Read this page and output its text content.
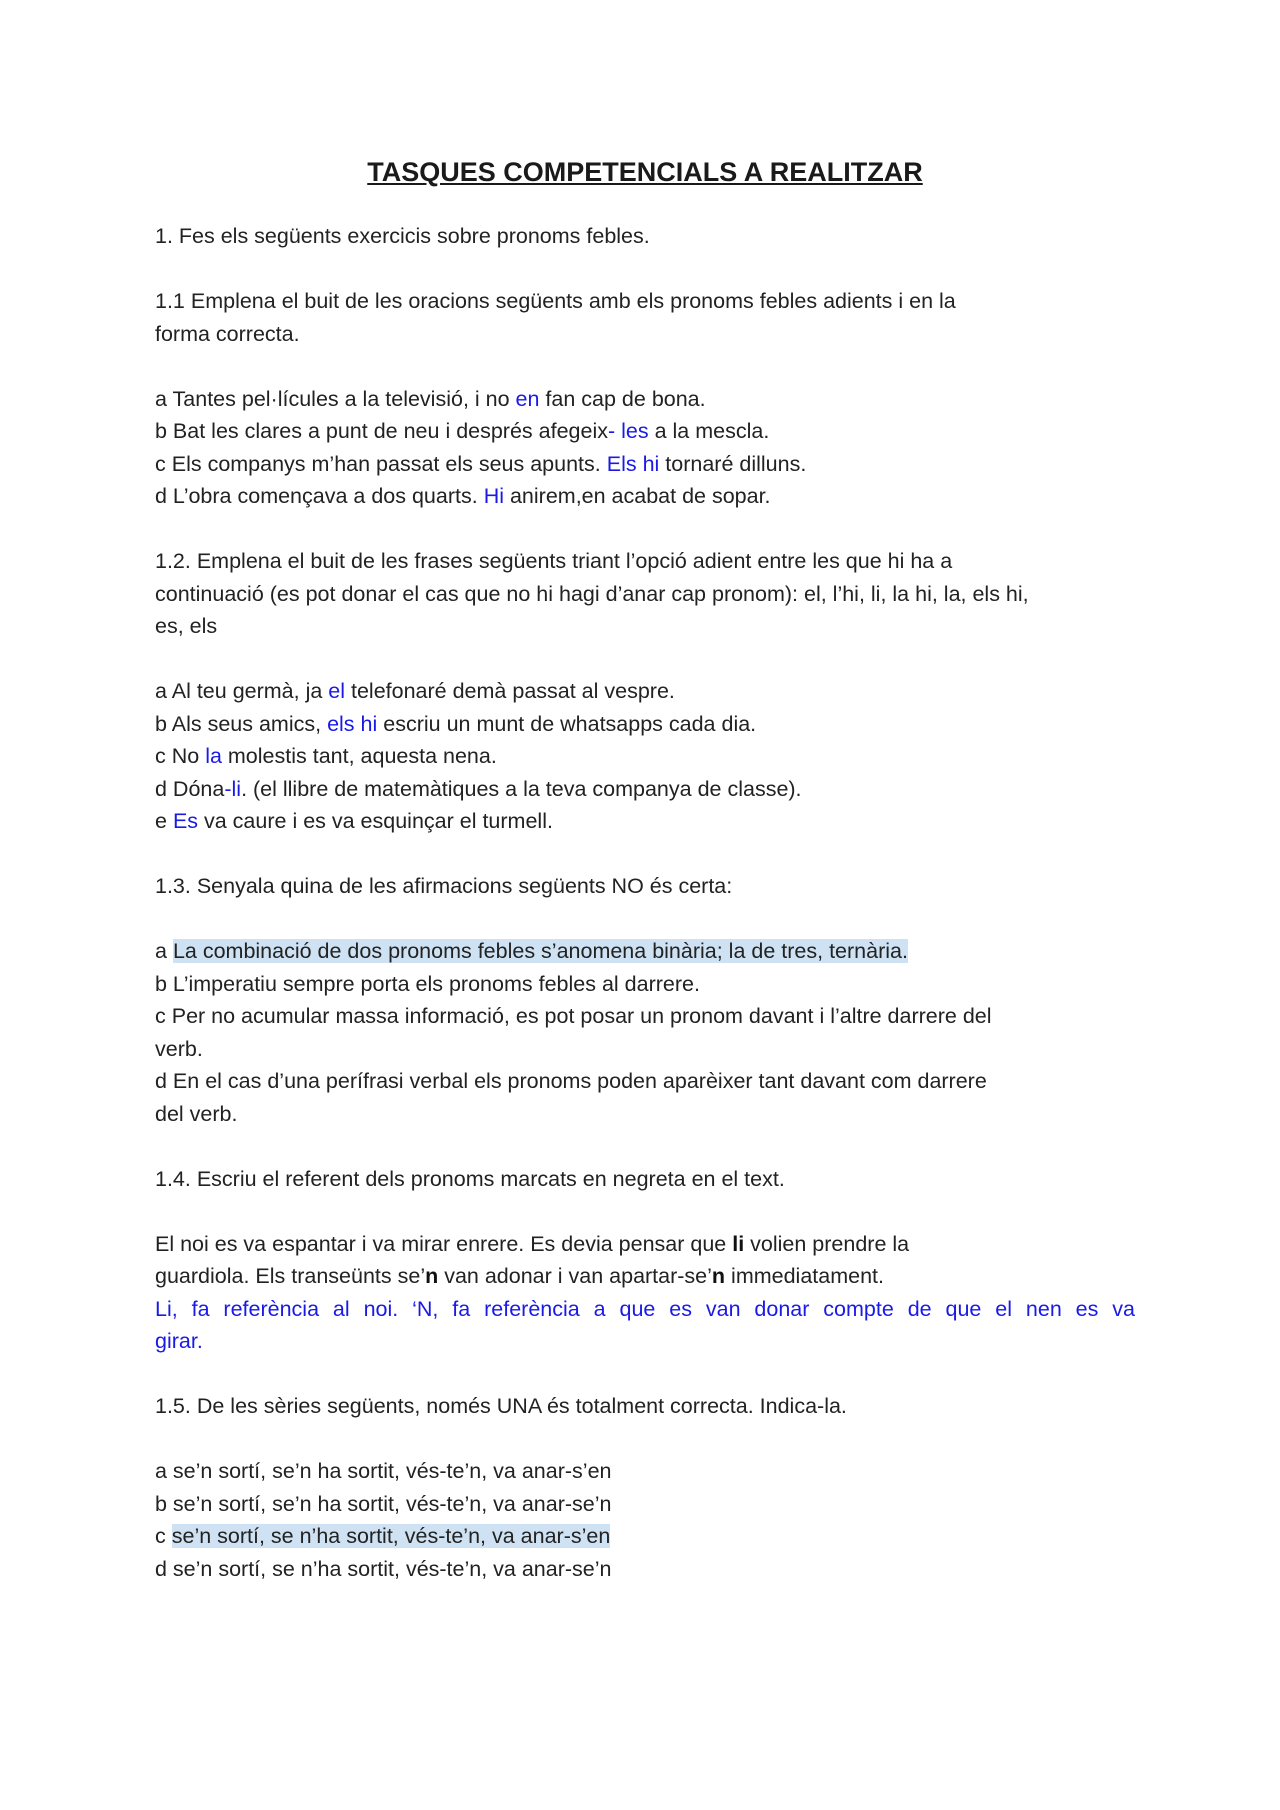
TASQUES COMPETENCIALS A REALITZAR

1. Fes els següents exercicis sobre pronoms febles.

1.1 Emplena el buit de les oracions següents amb els pronoms febles adients i en la

forma correcta.

a Tantes pel·lícules a la televisió, i no en fan cap de bona.

b Bat les clares a punt de neu i després afegeix- les a la mescla.

c Els companys m’han passat els seus apunts. Els hi tornaré dilluns.

d L’obra començava a dos quarts. Hi anirem,en acabat de sopar.

1.2. Emplena el buit de les frases següents triant l’opció adient entre les que hi ha a

continuació (es pot donar el cas que no hi hagi d’anar cap pronom): el, l’hi, li, la hi, la, els hi,

es, els

a Al teu germà, ja el telefonaré demà passat al vespre.

b Als seus amics, els hi escriu un munt de whatsapps cada dia.

c No la molestis tant, aquesta nena.

d Dóna-li. (el llibre de matemàtiques a la teva companya de classe).

e Es va caure i es va esquinçar el turmell.

1.3. Senyala quina de les afirmacions següents NO és certa:

a La combinació de dos pronoms febles s’anomena binària; la de tres, ternària.

b L’imperatiu sempre porta els pronoms febles al darrere.

c Per no acumular massa informació, es pot posar un pronom davant i l’altre darrere del

verb.

d En el cas d’una perífrasi verbal els pronoms poden aparèixer tant davant com darrere

del verb.

1.4. Escriu el referent dels pronoms marcats en negreta en el text.

El noi es va espantar i va mirar enrere. Es devia pensar que li volien prendre la

guardiola. Els transeünts se’n van adonar i van apartar-se’n immediatament.

Li, fa referència al noi. ‘N, fa referència a que es van donar compte de que el nen es va

girar.

1.5. De les sèries següents, només UNA és totalment correcta. Indica-la.

a se’n sortí, se’n ha sortit, vés-te’n, va anar-s’en

b se’n sortí, se’n ha sortit, vés-te’n, va anar-se’n

c se’n sortí, se n’ha sortit, vés-te’n, va anar-s’en

d se’n sortí, se n’ha sortit, vés-te’n, va anar-se’n
